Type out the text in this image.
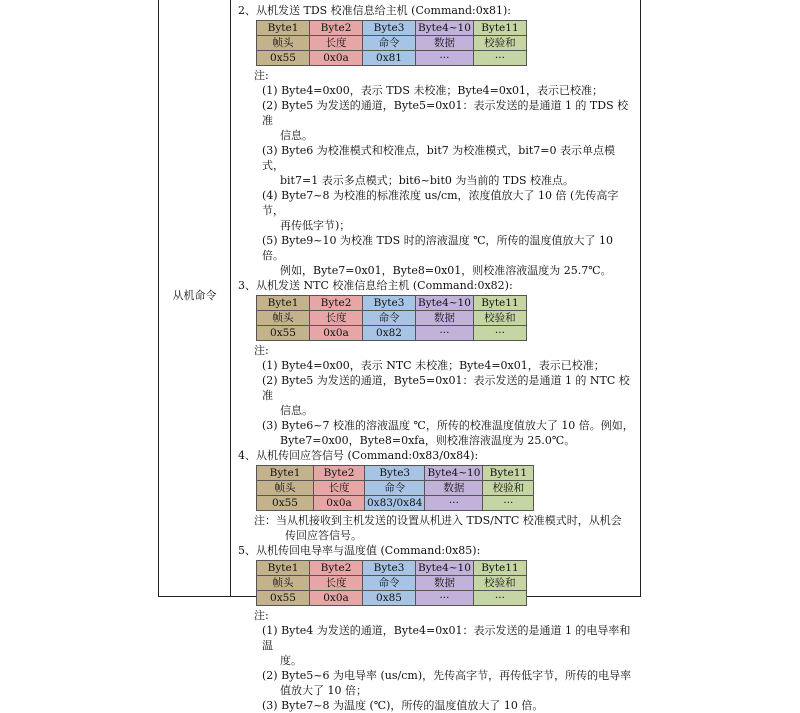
从机命令
2、从机发送 TDS 校准信息给主机 (Command:0x81):
Byte1	Byte2	Byte3	Byte4~10	Byte11
帧头	长度	命令	数据	校验和
0x55	0x0a	0x81	···	···
注:
(1) Byte4=0x00，表示 TDS 未校准；Byte4=0x01，表示已校准；
(2) Byte5 为发送的通道，Byte5=0x01：表示发送的是通道 1 的 TDS 校准
信息。
(3) Byte6 为校准模式和校准点，bit7 为校准模式，bit7=0 表示单点模式，
bit7=1 表示多点模式；bit6~bit0 为当前的 TDS 校准点。
(4) Byte7~8 为校准的标准浓度 us/cm，浓度值放大了 10 倍 (先传高字节，
再传低字节)；
(5) Byte9~10 为校准 TDS 时的溶液温度 ℃，所传的温度值放大了 10 倍。
例如，Byte7=0x01，Byte8=0x01，则校准溶液温度为 25.7℃。
3、从机发送 NTC 校准信息给主机 (Command:0x82):
Byte1	Byte2	Byte3	Byte4~10	Byte11
帧头	长度	命令	数据	校验和
0x55	0x0a	0x82	···	···
注:
(1) Byte4=0x00，表示 NTC 未校准；Byte4=0x01，表示已校准；
(2) Byte5 为发送的通道，Byte5=0x01：表示发送的是通道 1 的 NTC 校准
信息。
(3) Byte6~7 校准的溶液温度 ℃，所传的校准温度值放大了 10 倍。例如，
Byte7=0x00，Byte8=0xfa，则校准溶液温度为 25.0℃。
4、从机传回应答信号 (Command:0x83/0x84):
Byte1	Byte2	Byte3	Byte4~10	Byte11
帧头	长度	命令	数据	校验和
0x55	0x0a	0x83/0x84	···	···
注：当从机接收到主机发送的设置从机进入 TDS/NTC 校准模式时，从机会
传回应答信号。
5、从机传回电导率与温度值 (Command:0x85):
Byte1	Byte2	Byte3	Byte4~10	Byte11
帧头	长度	命令	数据	校验和
0x55	0x0a	0x85	···	···
注:
(1) Byte4 为发送的通道，Byte4=0x01：表示发送的是通道 1 的电导率和温
度。
(2) Byte5~6 为电导率 (us/cm)，先传高字节，再传低字节，所传的电导率
值放大了 10 倍；
(3) Byte7~8 为温度 (℃)，所传的温度值放大了 10 倍。
